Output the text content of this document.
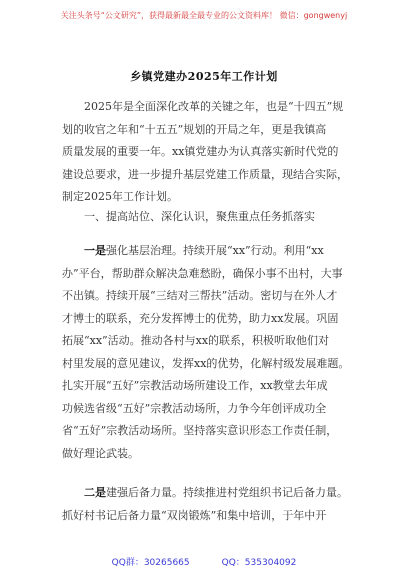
关注头条号“公文研究”，获得最新最全最专业的公文资料库！ 微信：gongwenyj
乡镇党建办2025年工作计划
2025年是全面深化改革的关键之年，也是“十四五”规
划的收官之年和“十五五”规划的开局之年，更是我镇高
质量发展的重要一年。xx镇党建办为认真落实新时代党的
建设总要求，进一步提升基层党建工作质量，现结合实际，
制定2025年工作计划。
一、提高站位、深化认识，聚焦重点任务抓落实
一是强化基层治理。持续开展“xx”行动。利用“xx
办”平台，帮助群众解决急难愁盼，确保小事不出村，大事
不出镇。持续开展“三结对三帮扶”活动。密切与在外人才
才博士的联系，充分发挥博士的优势，助力xx发展。巩固
拓展“xx”活动。推动各村与xx的联系，积极听取他们对
村里发展的意见建议，发挥xx的优势，化解村级发展难题。
扎实开展“五好”宗教活动场所建设工作，xx教堂去年成
功候选省级“五好”宗教活动场所，力争今年创评成功全
省“五好”宗教活动场所。坚持落实意识形态工作责任制，
做好理论武装。
二是建强后备力量。持续推进村党组织书记后备力量。
抓好村书记后备力量“双岗锻炼”和集中培训，于年中开
QQ群：30265665	QQ：535304092
